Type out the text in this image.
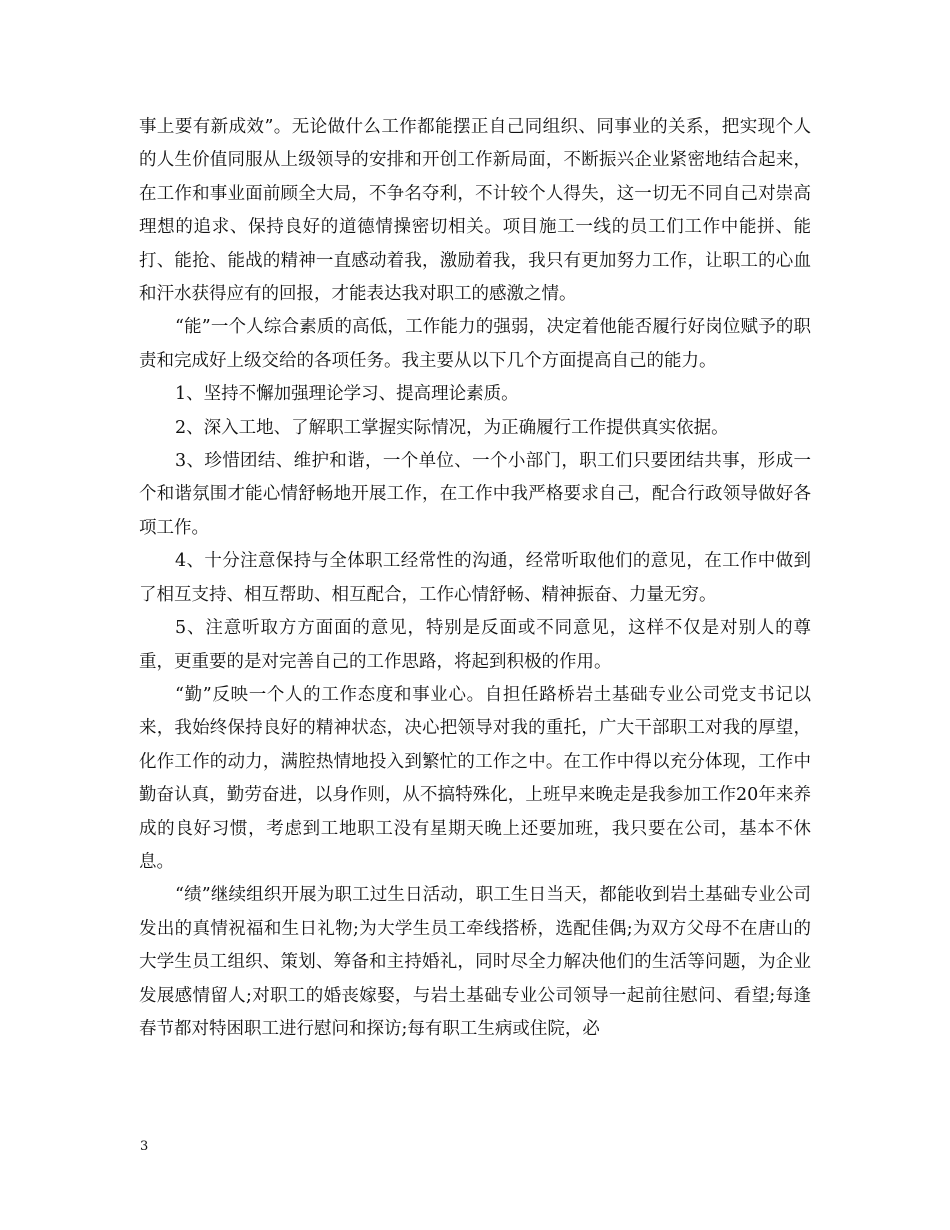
事上要有新成效”。无论做什么工作都能摆正自己同组织、同事业的关系，把实现个人的人生价值同服从上级领导的安排和开创工作新局面，不断振兴企业紧密地结合起来，在工作和事业面前顾全大局，不争名夺利，不计较个人得失，这一切无不同自己对崇高理想的追求、保持良好的道德情操密切相关。项目施工一线的员工们工作中能拼、能打、能抢、能战的精神一直感动着我，激励着我，我只有更加努力工作，让职工的心血和汗水获得应有的回报，才能表达我对职工的感激之情。

“能”一个人综合素质的高低，工作能力的强弱，决定着他能否履行好岗位赋予的职责和完成好上级交给的各项任务。我主要从以下几个方面提高自己的能力。

1、坚持不懈加强理论学习、提高理论素质。

2、深入工地、了解职工掌握实际情况，为正确履行工作提供真实依据。

3、珍惜团结、维护和谐，一个单位、一个小部门，职工们只要团结共事，形成一个和谐氛围才能心情舒畅地开展工作，在工作中我严格要求自己，配合行政领导做好各项工作。

4、十分注意保持与全体职工经常性的沟通，经常听取他们的意见，在工作中做到了相互支持、相互帮助、相互配合，工作心情舒畅、精神振奋、力量无穷。

5、注意听取方方面面的意见，特别是反面或不同意见，这样不仅是对别人的尊重，更重要的是对完善自己的工作思路，将起到积极的作用。

“勤”反映一个人的工作态度和事业心。自担任路桥岩土基础专业公司党支书记以来，我始终保持良好的精神状态，决心把领导对我的重托，广大干部职工对我的厚望，化作工作的动力，满腔热情地投入到繁忙的工作之中。在工作中得以充分体现，工作中勤奋认真，勤劳奋进，以身作则，从不搞特殊化，上班早来晚走是我参加工作20年来养成的良好习惯，考虑到工地职工没有星期天晚上还要加班，我只要在公司，基本不休息。

“绩”继续组织开展为职工过生日活动，职工生日当天，都能收到岩土基础专业公司发出的真情祝福和生日礼物;为大学生员工牵线搭桥，选配佳偶;为双方父母不在唐山的大学生员工组织、策划、筹备和主持婚礼，同时尽全力解决他们的生活等问题，为企业发展感情留人;对职工的婚丧嫁娶，与岩土基础专业公司领导一起前往慰问、看望;每逢春节都对特困职工进行慰问和探访;每有职工生病或住院，必

3
